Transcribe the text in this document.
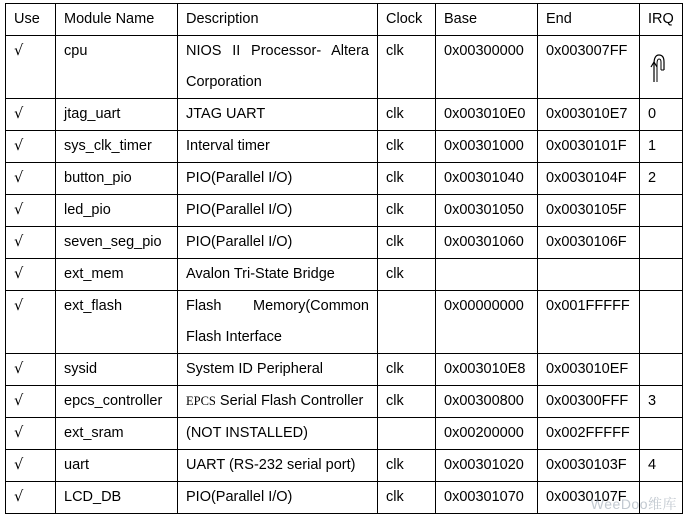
Use	Module Name	Description	Clock	Base	End	IRQ
√	cpu	NIOS II Processor- Altera Corporation	clk	0x00300000	0x003007FF	

√	jtag_uart	JTAG UART	clk	0x003010E0	0x003010E7	0
√	sys_clk_timer	Interval timer	clk	0x00301000	0x0030101F	1
√	button_pio	PIO(Parallel I/O)	clk	0x00301040	0x0030104F	2
√	led_pio	PIO(Parallel I/O)	clk	0x00301050	0x0030105F	
√	seven_seg_pio	PIO(Parallel I/O)	clk	0x00301060	0x0030106F	
√	ext_mem	Avalon Tri-State Bridge	clk			
√	ext_flash	Flash Memory(Common Flash Interface		0x00000000	0x001FFFFF	
√	sysid	System ID Peripheral	clk	0x003010E8	0x003010EF	
√	epcs_controller	EPCS Serial Flash Controller	clk	0x00300800	0x00300FFF	3
√	ext_sram	(NOT INSTALLED)		0x00200000	0x002FFFFF	
√	uart	UART (RS-232 serial port)	clk	0x00301020	0x0030103F	4
√	LCD_DB	PIO(Parallel I/O)	clk	0x00301070	0x0030107F	
WeeDoo维库
